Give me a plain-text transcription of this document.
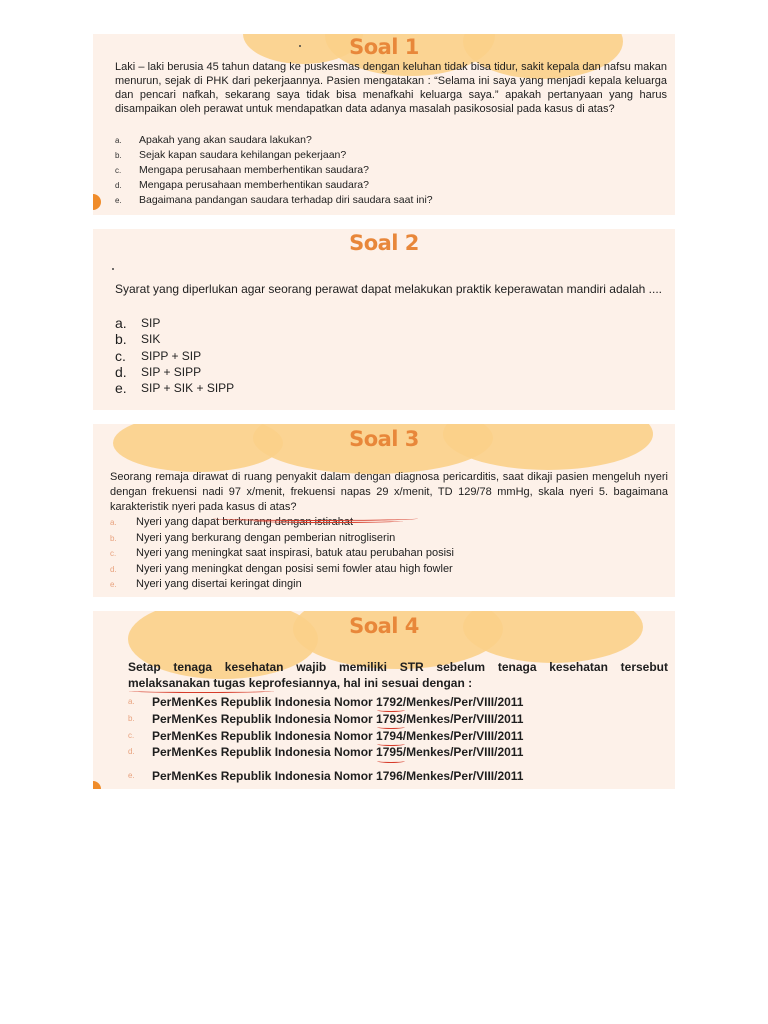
Soal 1

Laki – laki berusia 45 tahun datang ke puskesmas dengan keluhan tidak bisa tidur, sakit kepala dan nafsu makan menurun, sejak di PHK dari pekerjaannya. Pasien mengatakan : “Selama ini saya yang menjadi kepala keluarga dan pencari nafkah, sekarang saya tidak bisa menafkahi keluarga saya.” apakah pertanyaan yang harus disampaikan oleh perawat untuk mendapatkan data adanya masalah pasikososial pada kasus di atas?

a. Apakah yang akan saudara lakukan?
b. Sejak kapan saudara kehilangan pekerjaan?
c. Mengapa perusahaan memberhentikan saudara?
d. Mengapa perusahaan memberhentikan saudara?
e. Bagaimana pandangan saudara terhadap diri saudara saat ini?
Soal 2

Syarat yang diperlukan agar seorang perawat dapat melakukan praktik keperawatan mandiri adalah ....

a. SIP
b. SIK
c. SIPP + SIP
d. SIP + SIPP
e. SIP + SIK + SIPP
Soal 3

Seorang remaja dirawat di ruang penyakit dalam dengan diagnosa pericarditis, saat dikaji pasien mengeluh nyeri dengan frekuensi nadi 97 x/menit, frekuensi napas 29 x/menit, TD 129/78 mmHg, skala nyeri 5. bagaimana karakteristik nyeri pada kasus di atas?

a. Nyeri yang dapat berkurang dengan istirahat
b. Nyeri yang berkurang dengan pemberian nitrogliserin
c. Nyeri yang meningkat saat inspirasi, batuk atau perubahan posisi
d. Nyeri yang meningkat dengan posisi semi fowler atau high fowler
e. Nyeri yang disertai keringat dingin
Soal 4

Setap tenaga kesehatan wajib memiliki STR sebelum tenaga kesehatan tersebut melaksanakan tugas keprofesiannya, hal ini sesuai dengan :

a. PerMenKes Republik Indonesia Nomor 1792/Menkes/Per/VIII/2011
b. PerMenKes Republik Indonesia Nomor 1793/Menkes/Per/VIII/2011
c. PerMenKes Republik Indonesia Nomor 1794/Menkes/Per/VIII/2011
d. PerMenKes Republik Indonesia Nomor 1795/Menkes/Per/VIII/2011
e. PerMenKes Republik Indonesia Nomor 1796/Menkes/Per/VIII/2011
